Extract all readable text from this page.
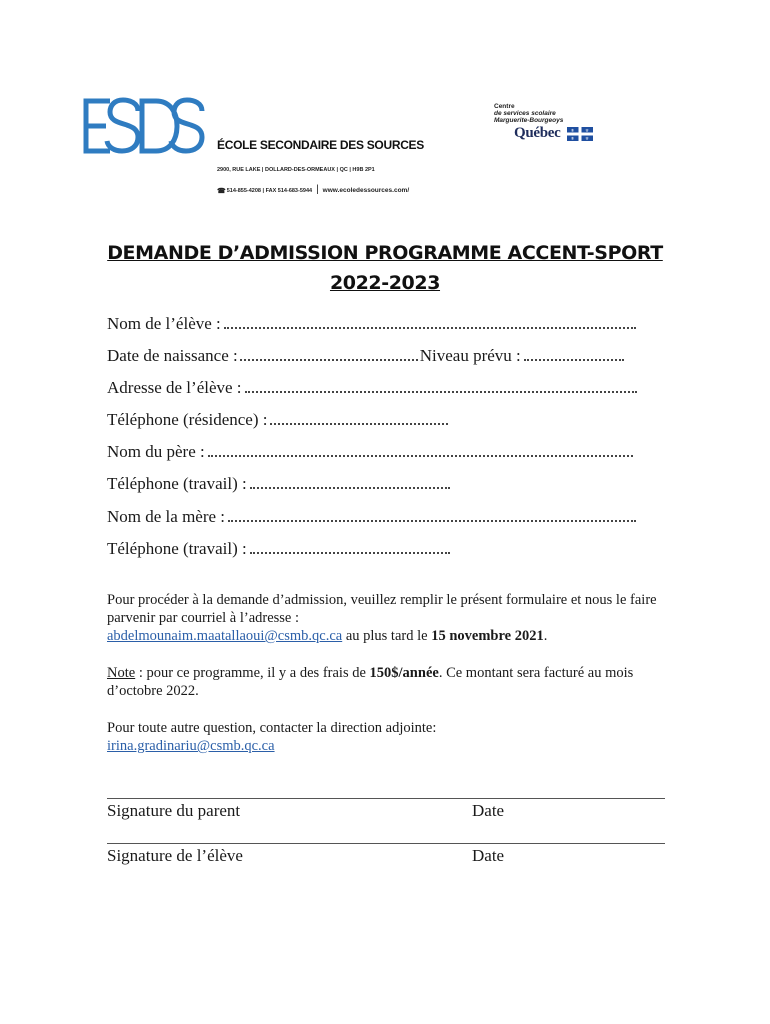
ÉCOLE SECONDAIRE DES SOURCES
2900, RUE LAKE | DOLLARD-DES-ORMEAUX | QC | H9B 2P1
☎ 514-855-4208 | FAX 514-683-5944 | www.ecoledessources.com/
Centre
de services scolaire
Marguerite-Bourgeoys
Québec ⚜ ⚜
⚜ ⚜
DEMANDE D’ADMISSION PROGRAMME ACCENT-SPORT
2022-2023
Nom de l’élève :
Date de naissance :	Niveau prévu :
Adresse de l’élève :
Téléphone (résidence) :
Nom du père :
Téléphone (travail) :
Nom de la mère :
Téléphone (travail) :
Pour procéder à la demande d’admission, veuillez remplir le présent formulaire et nous le faire parvenir par courriel à l’adresse :
abdelmounaim.maatallaoui@csmb.qc.ca au plus tard le 15 novembre 2021.
Note : pour ce programme, il y a des frais de 150$/année. Ce montant sera facturé au mois d’octobre 2022.
Pour toute autre question, contacter la direction adjointe:
irina.gradinariu@csmb.qc.ca
Signature du parent	Date
Signature de l’élève	Date
